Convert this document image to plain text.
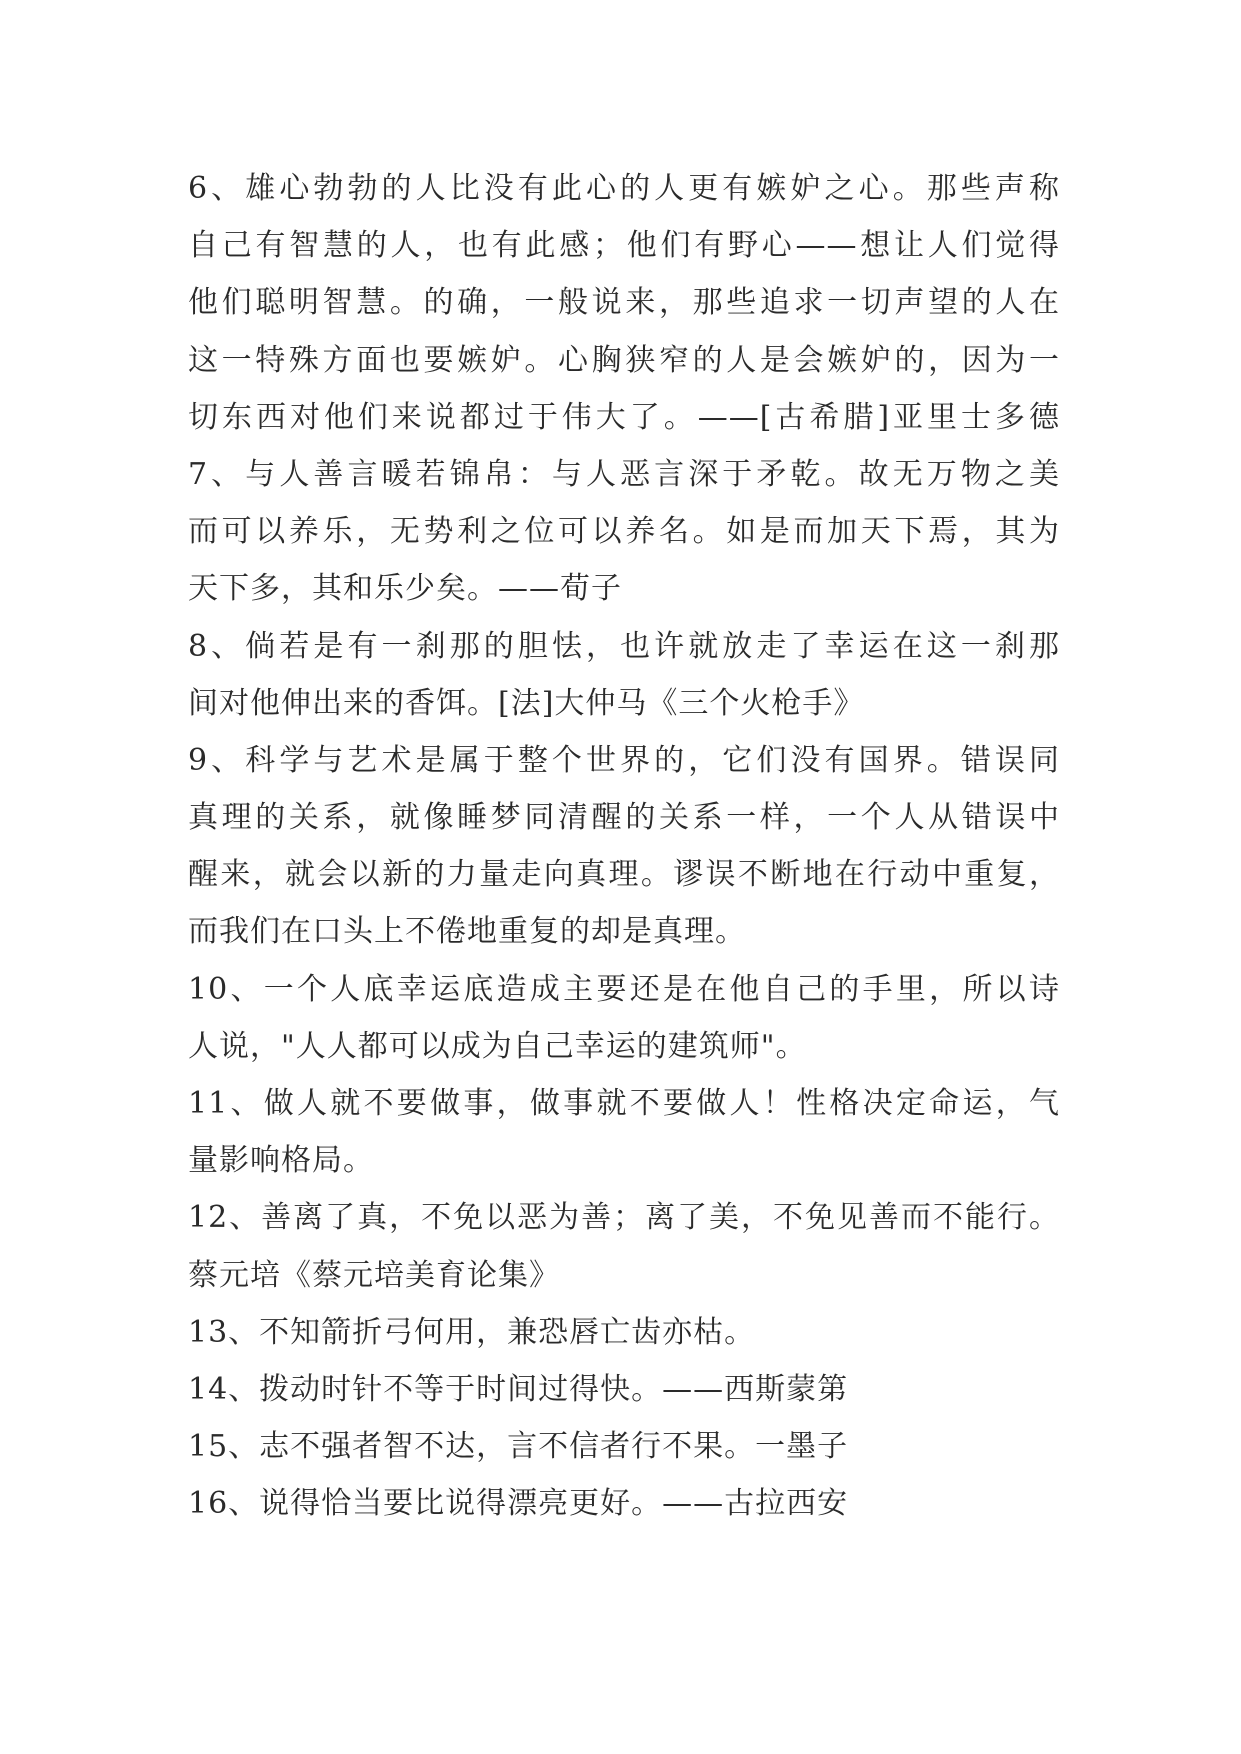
6、雄心勃勃的人比没有此心的人更有嫉妒之心。那些声称
自己有智慧的人，也有此感；他们有野心——想让人们觉得
他们聪明智慧。的确，一般说来，那些追求一切声望的人在
这一特殊方面也要嫉妒。心胸狭窄的人是会嫉妒的，因为一
切东西对他们来说都过于伟大了。——[古希腊]亚里士多德
7、与人善言暖若锦帛：与人恶言深于矛乾。故无万物之美
而可以养乐，无势利之位可以养名。如是而加天下焉，其为
天下多，其和乐少矣。——荀子
8、倘若是有一刹那的胆怯，也许就放走了幸运在这一刹那
间对他伸出来的香饵。[法]大仲马《三个火枪手》
9、科学与艺术是属于整个世界的，它们没有国界。错误同
真理的关系，就像睡梦同清醒的关系一样，一个人从错误中
醒来，就会以新的力量走向真理。谬误不断地在行动中重复，
而我们在口头上不倦地重复的却是真理。
10、一个人底幸运底造成主要还是在他自己的手里，所以诗
人说，"人人都可以成为自己幸运的建筑师"。
11、做人就不要做事，做事就不要做人！性格决定命运，气
量影响格局。
12、善离了真，不免以恶为善；离了美，不免见善而不能行。
蔡元培《蔡元培美育论集》
13、不知箭折弓何用，兼恐唇亡齿亦枯。
14、拨动时针不等于时间过得快。——西斯蒙第
15、志不强者智不达，言不信者行不果。一墨子
16、说得恰当要比说得漂亮更好。——古拉西安
